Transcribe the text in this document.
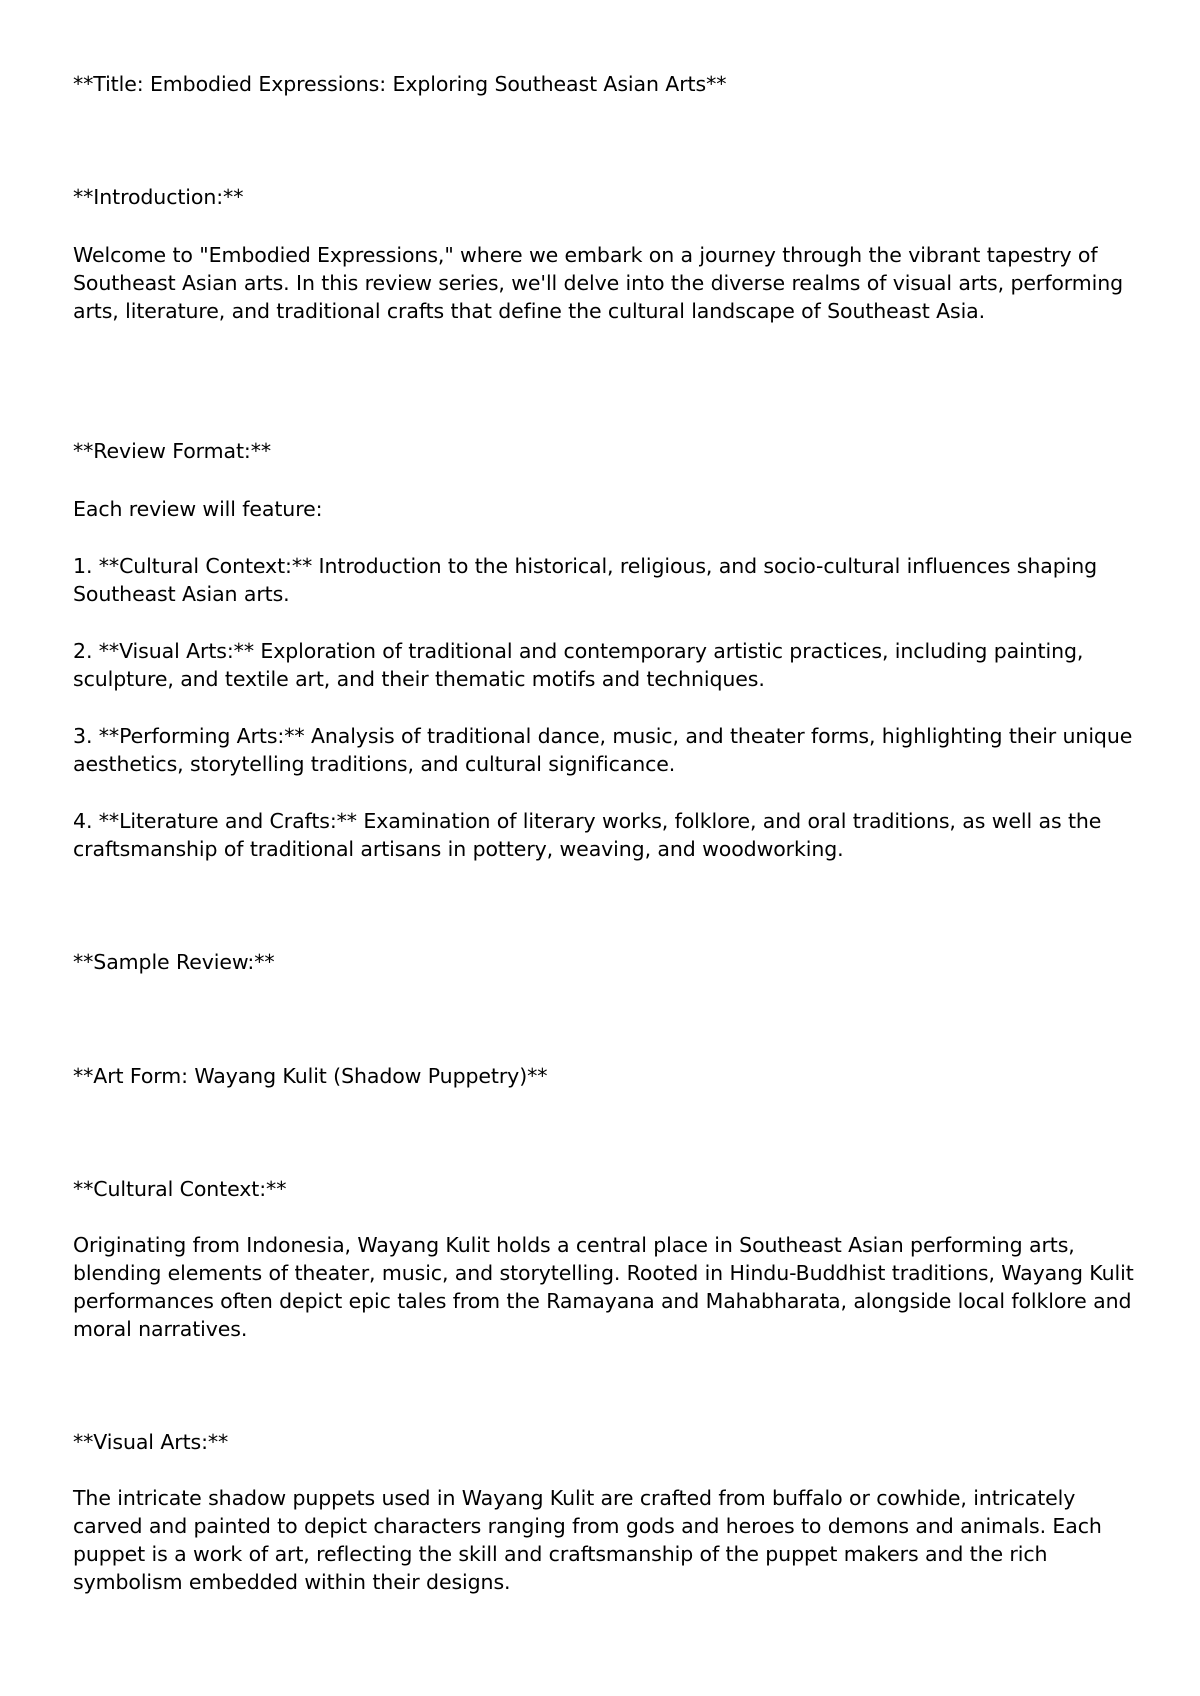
**Title: Embodied Expressions: Exploring Southeast Asian Arts**

**Introduction:**

Welcome to "Embodied Expressions," where we embark on a journey through the vibrant tapestry of Southeast Asian arts. In this review series, we'll delve into the diverse realms of visual arts, performing arts, literature, and traditional crafts that define the cultural landscape of Southeast Asia.

**Review Format:**

Each review will feature:

1. **Cultural Context:** Introduction to the historical, religious, and socio-cultural influences shaping Southeast Asian arts.

2. **Visual Arts:** Exploration of traditional and contemporary artistic practices, including painting, sculpture, and textile art, and their thematic motifs and techniques.

3. **Performing Arts:** Analysis of traditional dance, music, and theater forms, highlighting their unique aesthetics, storytelling traditions, and cultural significance.

4. **Literature and Crafts:** Examination of literary works, folklore, and oral traditions, as well as the craftsmanship of traditional artisans in pottery, weaving, and woodworking.

**Sample Review:**

**Art Form: Wayang Kulit (Shadow Puppetry)**

**Cultural Context:**

Originating from Indonesia, Wayang Kulit holds a central place in Southeast Asian performing arts, blending elements of theater, music, and storytelling. Rooted in Hindu-Buddhist traditions, Wayang Kulit performances often depict epic tales from the Ramayana and Mahabharata, alongside local folklore and moral narratives.

**Visual Arts:**

The intricate shadow puppets used in Wayang Kulit are crafted from buffalo or cowhide, intricately carved and painted to depict characters ranging from gods and heroes to demons and animals. Each puppet is a work of art, reflecting the skill and craftsmanship of the puppet makers and the rich symbolism embedded within their designs.
